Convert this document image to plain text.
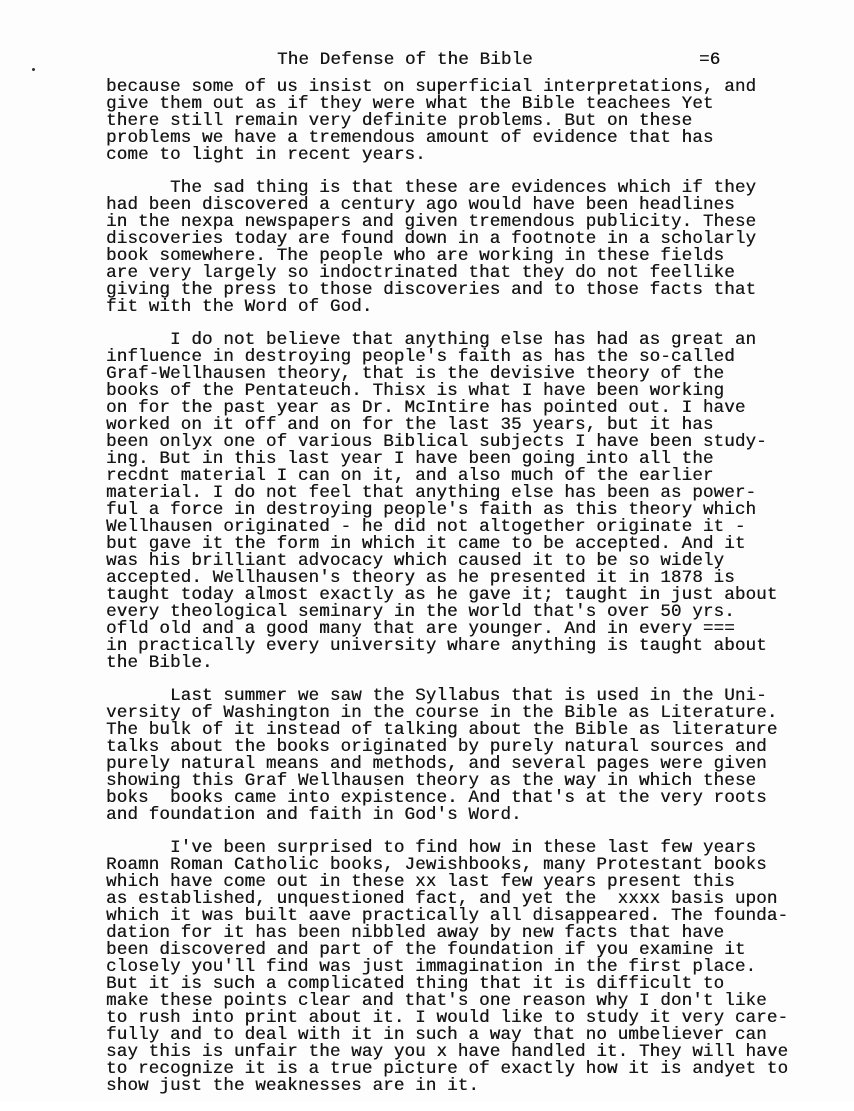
The Defense of the Bible	=6
because some of us insist on superficial interpretations, and
give them out as if they were what the Bible teachees Yet
there still remain very definite problems. But on these
problems we have a tremendous amount of evidence that has
come to light in recent years.
The sad thing is that these are evidences which if they
had been discovered a century ago would have been headlines
in the nexpa newspapers and given tremendous publicity. These
discoveries today are found down in a footnote in a scholarly
book somewhere. The people who are working in these fields
are very largely so indoctrinated that they do not feellike
giving the press to those discoveries and to those facts that
fit with the Word of God.
I do not believe that anything else has had as great an
influence in destroying people's faith as has the so-called
Graf-Wellhausen theory, that is the devisive theory of the
books of the Pentateuch. Thisx is what I have been working
on for the past year as Dr. McIntire has pointed out. I have
worked on it off and on for the last 35 years, but it has
been onlyx one of various Biblical subjects I have been study-
ing. But in this last year I have been going into all the
recdnt material I can on it, and also much of the earlier
material. I do not feel that anything else has been as power-
ful a force in destroying people's faith as this theory which
Wellhausen originated - he did not altogether originate it -
but gave it the form in which it came to be accepted. And it
was his brilliant advocacy which caused it to be so widely
accepted. Wellhausen's theory as he presented it in 1878 is
taught today almost exactly as he gave it; taught in just about
every theological seminary in the world that's over 50 yrs.
ofld old and a good many that are younger. And in every ===
in practically every university whare anything is taught about
the Bible.
Last summer we saw the Syllabus that is used in the Uni-
versity of Washington in the course in the Bible as Literature.
The bulk of it instead of talking about the Bible as literature
talks about the books originated by purely natural sources and
purely natural means and methods, and several pages were given
showing this Graf Wellhausen theory as the way in which these
boks  books came into expistence. And that's at the very roots
and foundation and faith in God's Word.
I've been surprised to find how in these last few years
Roamn Roman Catholic books, Jewishbooks, many Protestant books
which have come out in these xx last few years present this
as established, unquestioned fact, and yet the  xxxx basis upon
which it was built aave practically all disappeared. The founda-
dation for it has been nibbled away by new facts that have
been discovered and part of the foundation if you examine it
closely you'll find was just immagination in the first place.
But it is such a complicated thing that it is difficult to
make these points clear and that's one reason why I don't like
to rush into print about it. I would like to study it very care-
fully and to deal with it in such a way that no umbeliever can
say this is unfair the way you x have handled it. They will have
to recognize it is a true picture of exactly how it is andyet to
show just the weaknesses are in it.
